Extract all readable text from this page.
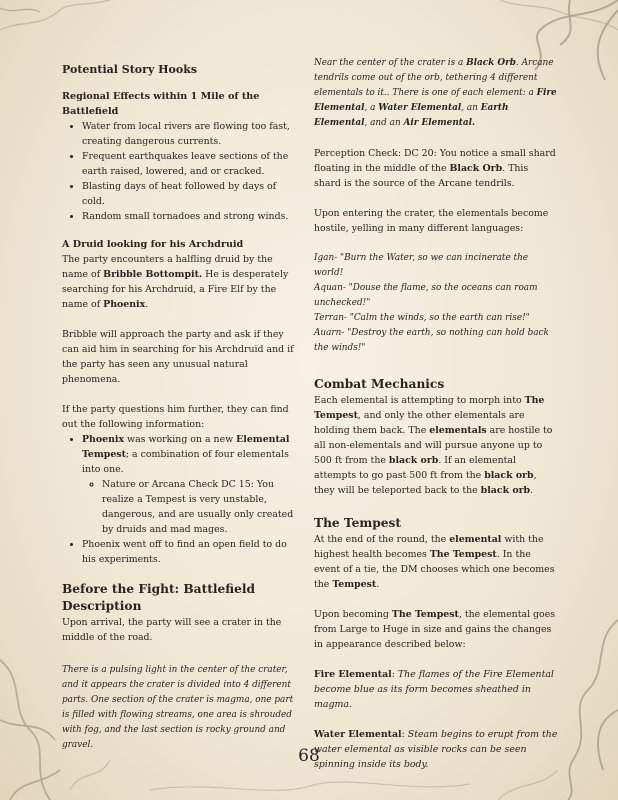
Potential Story Hooks
Regional Effects within 1 Mile of the Battlefield
• Water from local rivers are flowing too fast, creating dangerous currents.
• Frequent earthquakes leave sections of the earth raised, lowered, and or cracked.
• Blasting days of heat followed by days of cold.
• Random small tornadoes and strong winds.
A Druid looking for his Archdruid

The party encounters a halfling druid by the name of Bribble Bottompit. He is desperately searching for his Archdruid, a Fire Elf by the name of Phoenix.

Bribble will approach the party and ask if they can aid him in searching for his Archdruid and if the party has seen any unusual natural phenomena.

If the party questions him further, they can find out the following information:

• Phoenix was working on a new Elemental Tempest; a combination of four elementals into one.
◦ Nature or Arcana Check DC 15: You realize a Tempest is very unstable, dangerous, and are usually only created by druids and mad mages.
• Phoenix went off to find an open field to do his experiments.
Before the Fight: Battlefield Description

Upon arrival, the party will see a crater in the middle of the road.

There is a pulsing light in the center of the crater, and it appears the crater is divided into 4 different parts. One section of the crater is magma, one part is filled with flowing streams, one area is shrouded with fog, and the last section is rocky ground and gravel.

Near the center of the crater is a Black Orb. Arcane tendrils come out of the orb, tethering 4 different elementals to it.. There is one of each element: a Fire Elemental, a Water Elemental, an Earth Elemental, and an Air Elemental.

Perception Check: DC 20: You notice a small shard floating in the middle of the Black Orb. This shard is the source of the Arcane tendrils.

Upon entering the crater, the elementals become hostile, yelling in many different languages:

Igan- "Burn the Water, so we can incinerate the world!

Aquan- "Douse the flame, so the oceans can roam unchecked!"

Terran- "Calm the winds, so the earth can rise!"

Auarn- "Destroy the earth, so nothing can hold back the winds!"

Combat Mechanics

Each elemental is attempting to morph into The Tempest, and only the other elementals are holding them back. The elementals are hostile to all non-elementals and will pursue anyone up to 500 ft from the black orb. If an elemental attempts to go past 500 ft from the black orb, they will be teleported back to the black orb.

The Tempest

At the end of the round, the elemental with the highest health becomes The Tempest. In the event of a tie, the DM chooses which one becomes the Tempest.

Upon becoming The Tempest, the elemental goes from Large to Huge in size and gains the changes in appearance described below:

Fire Elemental: The flames of the Fire Elemental become blue as its form becomes sheathed in magma.

Water Elemental: Steam begins to erupt from the water elemental as visible rocks can be seen spinning inside its body.

68
